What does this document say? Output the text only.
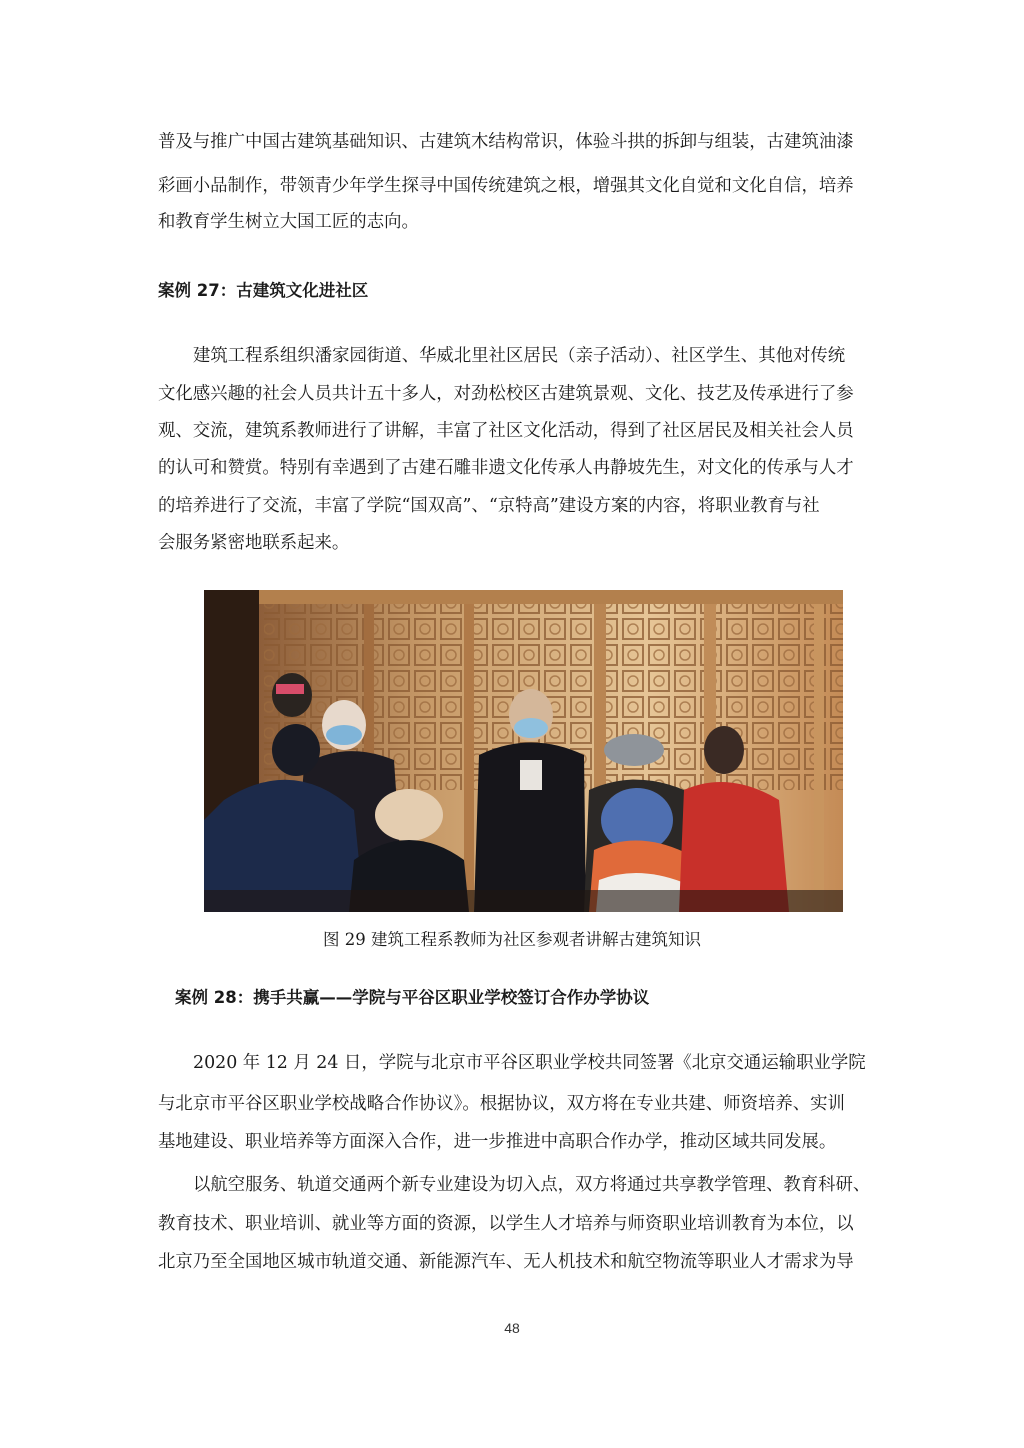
普及与推广中国古建筑基础知识、古建筑木结构常识，体验斗拱的拆卸与组装，古建筑油漆

彩画小品制作，带领青少年学生探寻中国传统建筑之根，增强其文化自觉和文化自信，培养

和教育学生树立大国工匠的志向。

案例 27：古建筑文化进社区

建筑工程系组织潘家园街道、华威北里社区居民（亲子活动）、社区学生、其他对传统

文化感兴趣的社会人员共计五十多人，对劲松校区古建筑景观、文化、技艺及传承进行了参

观、交流，建筑系教师进行了讲解，丰富了社区文化活动，得到了社区居民及相关社会人员

的认可和赞赏。特别有幸遇到了古建石雕非遗文化传承人冉静坡先生，对文化的传承与人才

的培养进行了交流，丰富了学院“国双高”、“京特高”建设方案的内容，将职业教育与社

会服务紧密地联系起来。

图 29 建筑工程系教师为社区参观者讲解古建筑知识

案例 28：携手共赢——学院与平谷区职业学校签订合作办学协议

2020 年 12 月 24 日，学院与北京市平谷区职业学校共同签署《北京交通运输职业学院

与北京市平谷区职业学校战略合作协议》。根据协议，双方将在专业共建、师资培养、实训

基地建设、职业培养等方面深入合作，进一步推进中高职合作办学，推动区域共同发展。

以航空服务、轨道交通两个新专业建设为切入点，双方将通过共享教学管理、教育科研、

教育技术、职业培训、就业等方面的资源，以学生人才培养与师资职业培训教育为本位，以

北京乃至全国地区城市轨道交通、新能源汽车、无人机技术和航空物流等职业人才需求为导

48
